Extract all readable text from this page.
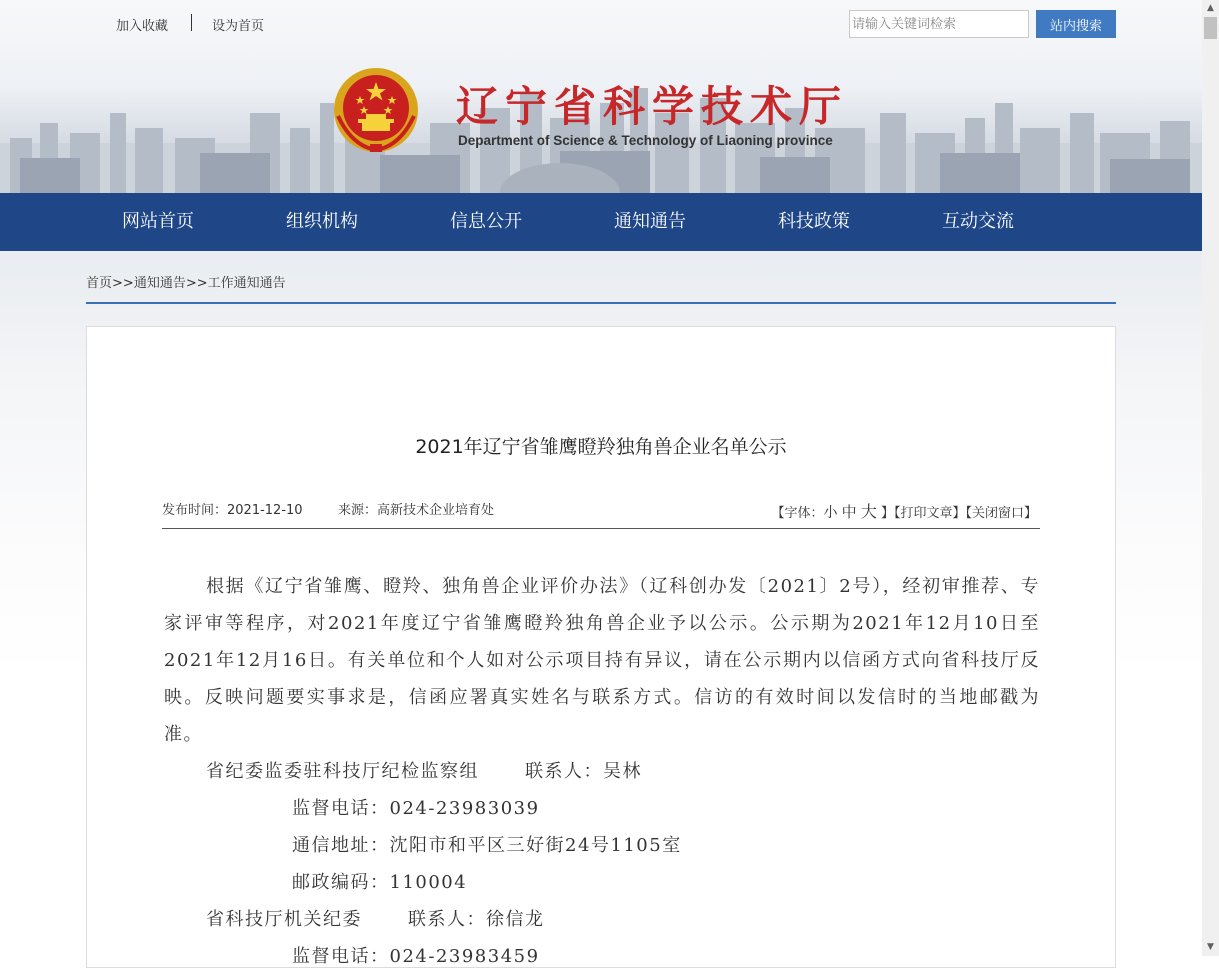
加入收藏	设为首页
请输入关键词检索	站内搜索
辽宁省科学技术厅
Department of Science & Technology of Liaoning province
网站首页	组织机构	信息公开	通知通告	科技政策	互动交流
首页>>通知通告>>工作通知通告
2021年辽宁省雏鹰瞪羚独角兽企业名单公示
发布时间：2021-12-10	来源：高新技术企业培育处	【字体：小 中 大 】【打印文章】【关闭窗口】

根据《辽宁省雏鹰、瞪羚、独角兽企业评价办法》（辽科创办发〔2021〕2号），经初审推荐、专家评审等程序，对2021年度辽宁省雏鹰瞪羚独角兽企业予以公示。公示期为2021年12月10日至2021年12月16日。有关单位和个人如对公示项目持有异议，请在公示期内以信函方式向省科技厅反映。反映问题要实事求是，信函应署真实姓名与联系方式。信访的有效时间以发信时的当地邮戳为准。

省纪委监委驻科技厅纪检监察组	联系人：吴林

监督电话：024-23983039

通信地址：沈阳市和平区三好街24号1105室

邮政编码：110004

省科技厅机关纪委	联系人：徐信龙

监督电话：024-23983459

▲
▼
